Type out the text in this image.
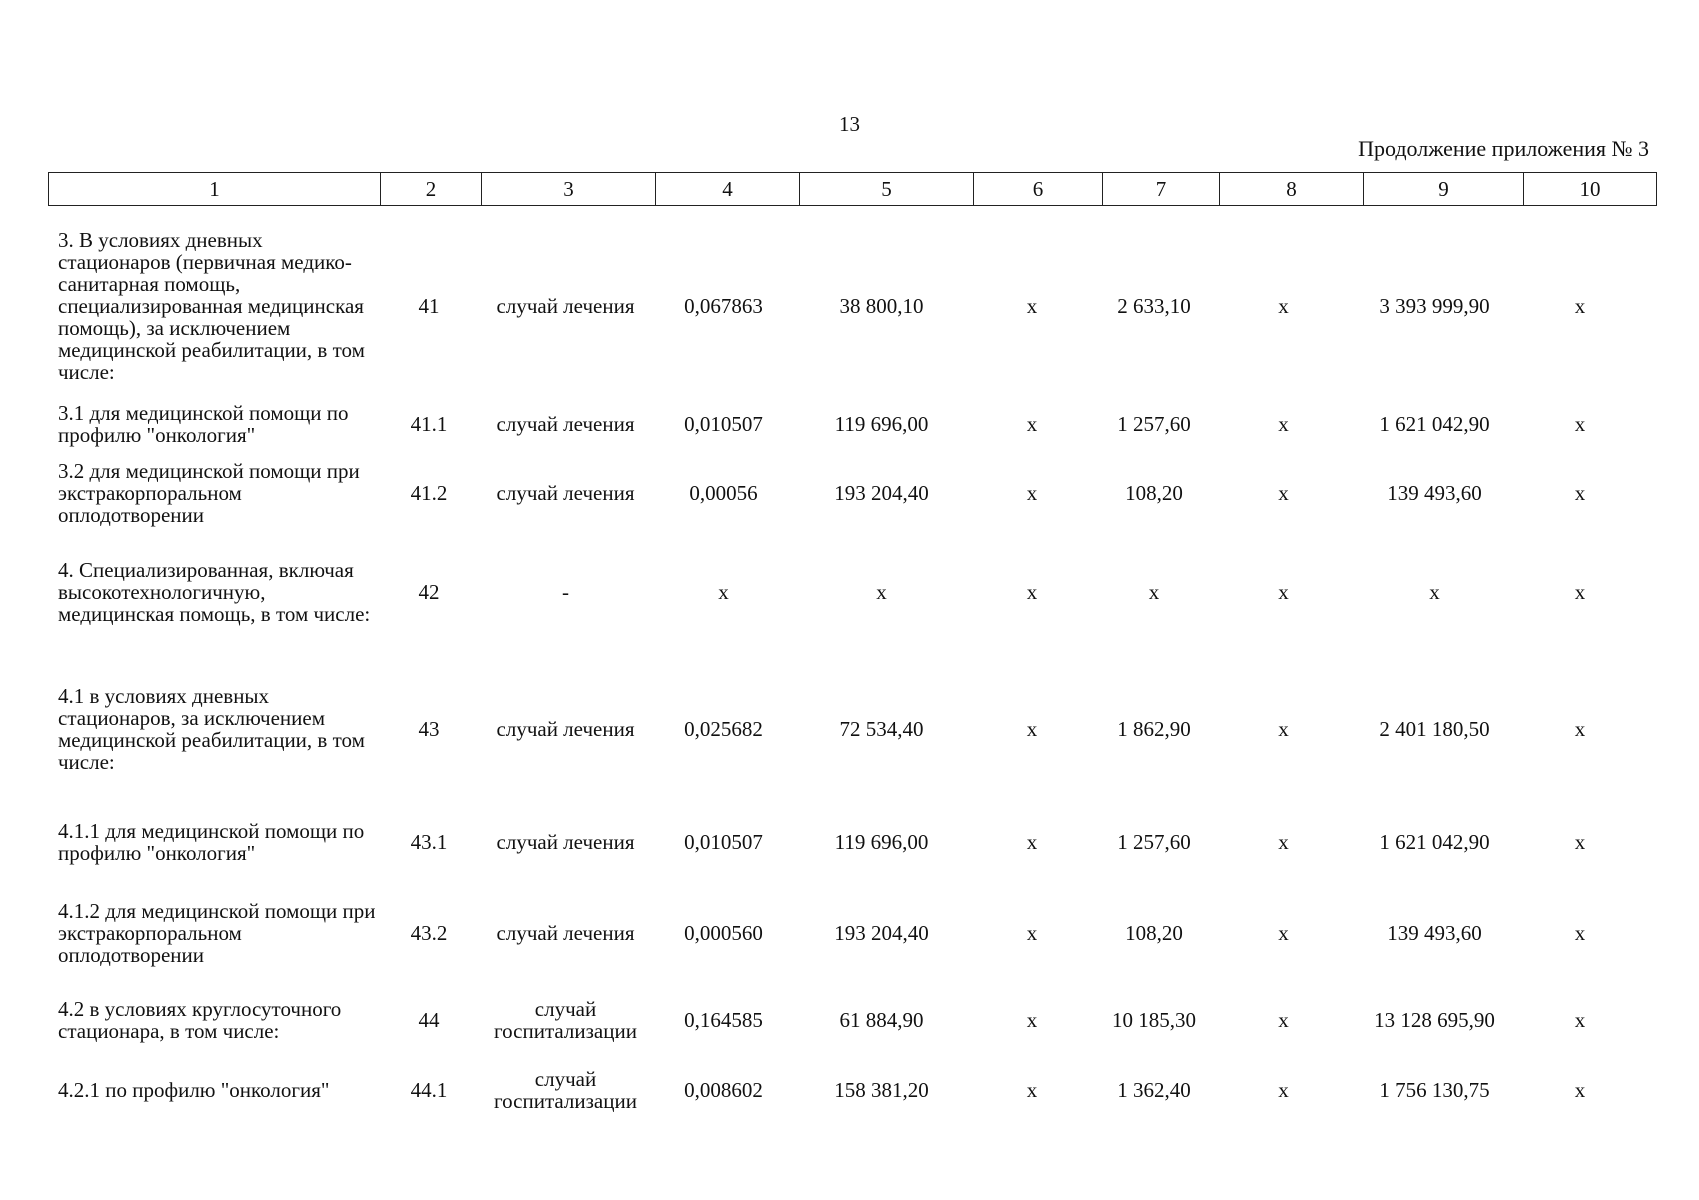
13
Продолжение приложения № 3
1	2	3	4	5	6	7	8	9	10
3. В условиях дневных стационаров (первичная медико-санитарная помощь, специализированная медицинская помощь), за исключением медицинской реабилитации, в том числе:	41	случай лечения	0,067863	38 800,10	х	2 633,10	х	3 393 999,90	х
3.1 для медицинской помощи по профилю "онкология"	41.1	случай лечения	0,010507	119 696,00	х	1 257,60	х	1 621 042,90	х
3.2 для медицинской помощи при экстракорпоральном оплодотворении	41.2	случай лечения	0,00056	193 204,40	х	108,20	х	139 493,60	х
4. Специализированная, включая высокотехнологичную, медицинская помощь, в том числе:	42	-	х	х	х	х	х	х	х
4.1 в условиях дневных стационаров, за исключением медицинской реабилитации, в том числе:	43	случай лечения	0,025682	72 534,40	х	1 862,90	х	2 401 180,50	х
4.1.1 для медицинской помощи по профилю "онкология"	43.1	случай лечения	0,010507	119 696,00	х	1 257,60	х	1 621 042,90	х
4.1.2 для медицинской помощи при экстракорпоральном оплодотворении	43.2	случай лечения	0,000560	193 204,40	х	108,20	х	139 493,60	х
4.2 в условиях круглосуточного стационара, в том числе:	44	случай госпитализации	0,164585	61 884,90	х	10 185,30	х	13 128 695,90	х
4.2.1 по профилю "онкология"	44.1	случай госпитализации	0,008602	158 381,20	х	1 362,40	х	1 756 130,75	х
